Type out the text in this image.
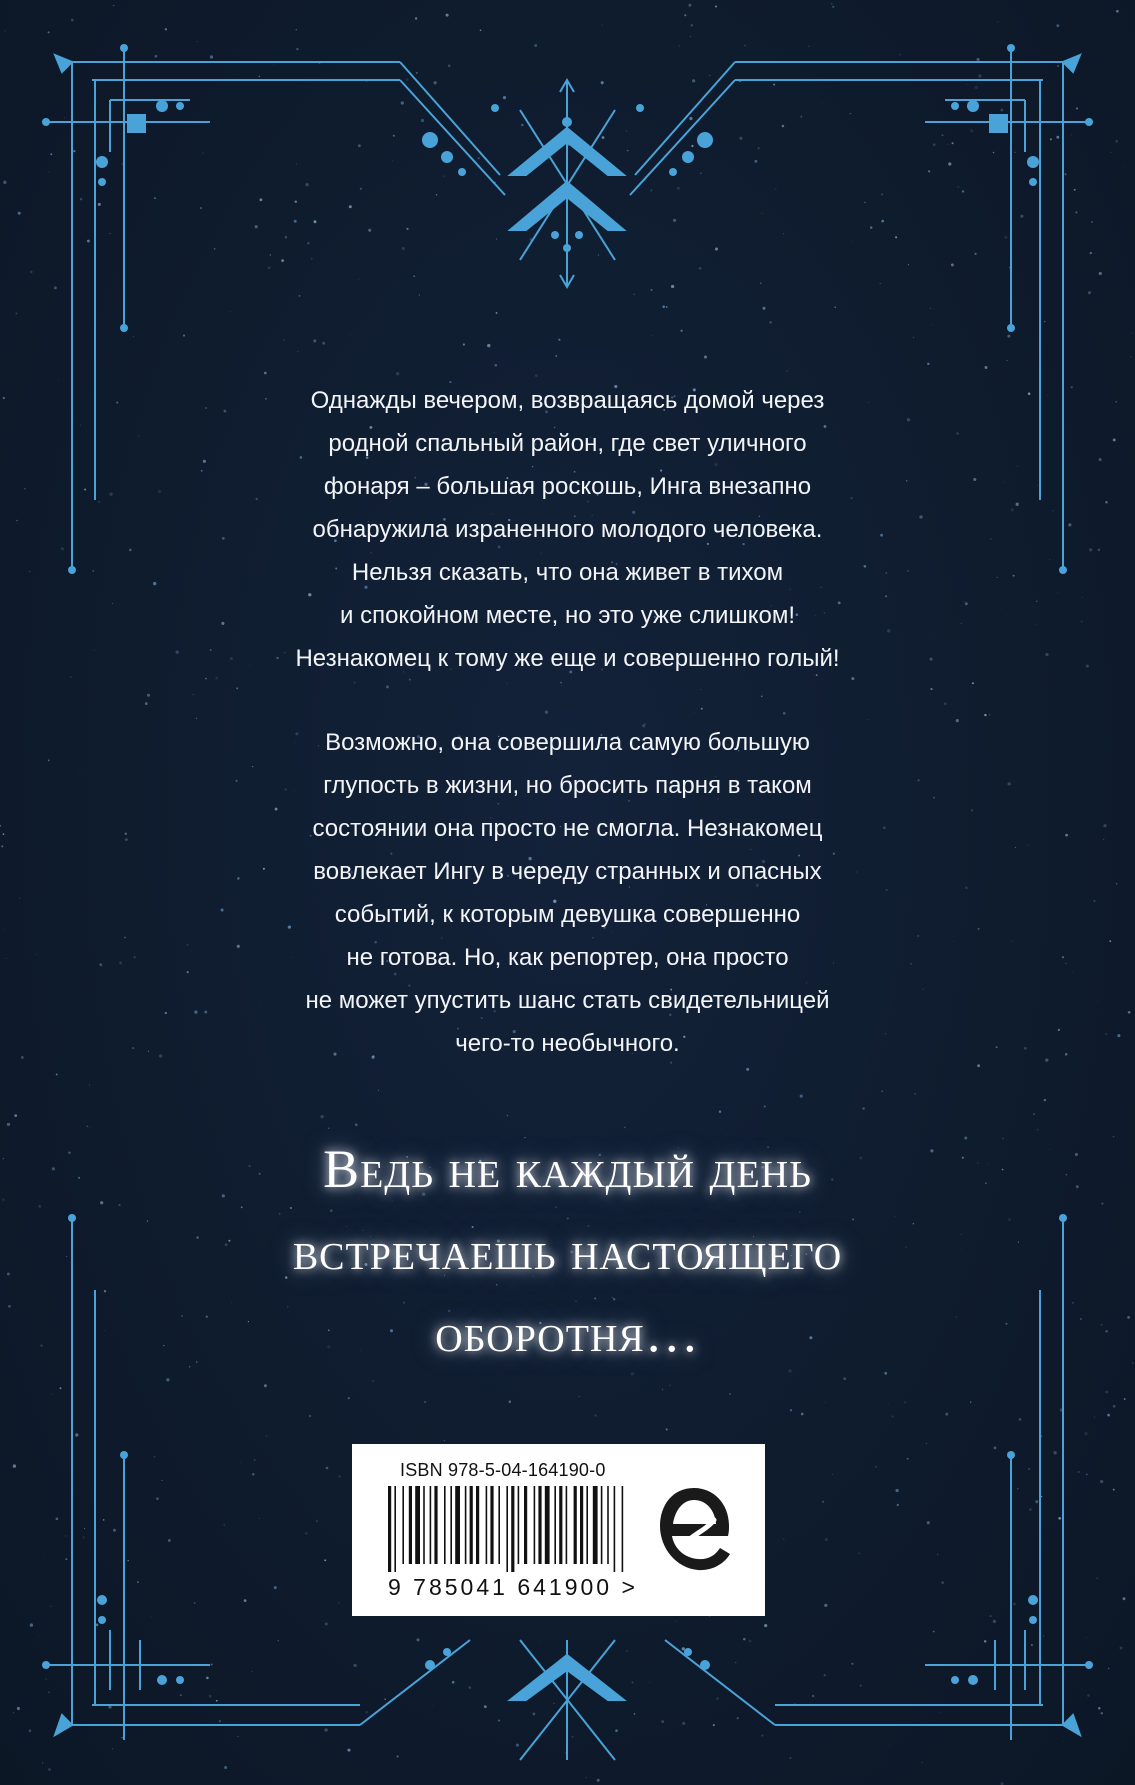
Однажды вечером, возвращаясь домой через

родной спальный район, где свет уличного

фонаря – большая роскошь, Инга внезапно

обнаружила израненного молодого человека.

Нельзя сказать, что она живет в тихом

и спокойном месте, но это уже слишком!

Незнакомец к тому же еще и совершенно голый!

Возможно, она совершила самую большую

глупость в жизни, но бросить парня в таком

состоянии она просто не смогла. Незнакомец

вовлекает Ингу в череду странных и опасных

событий, к которым девушка совершенно

не готова. Но, как репортер, она просто

не может упустить шанс стать свидетельницей

чего-то необычного.

Ведь не каждый день

встречаешь настоящего

оборотня…

ISBN 978-5-04-164190-0
9 785041 641900 >
